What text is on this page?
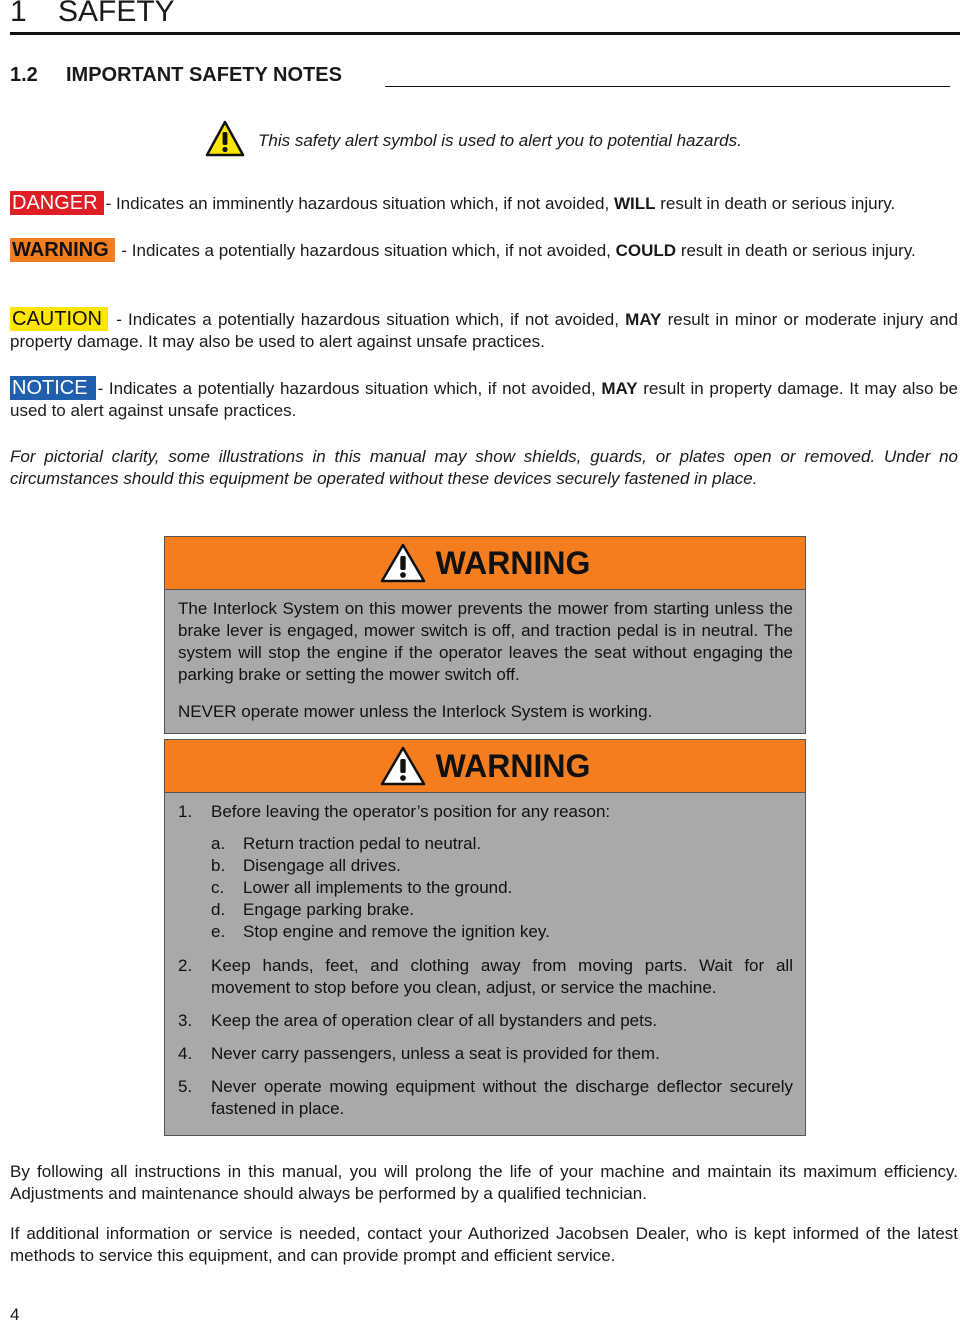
1 SAFETY
1.2 IMPORTANT SAFETY NOTES
This safety alert symbol is used to alert you to potential hazards.

DANGER - Indicates an imminently hazardous situation which, if not avoided, WILL result in death or serious injury.

WARNING - Indicates a potentially hazardous situation which, if not avoided, COULD result in death or serious injury.

CAUTION - Indicates a potentially hazardous situation which, if not avoided, MAY result in minor or moderate injury and property damage. It may also be used to alert against unsafe practices.

NOTICE - Indicates a potentially hazardous situation which, if not avoided, MAY result in property damage. It may also be used to alert against unsafe practices.

For pictorial clarity, some illustrations in this manual may show shields, guards, or plates open or removed. Under no circumstances should this equipment be operated without these devices securely fastened in place.

WARNING

The Interlock System on this mower prevents the mower from starting unless the brake lever is engaged, mower switch is off, and traction pedal is in neutral. The system will stop the engine if the operator leaves the seat without engaging the parking brake or setting the mower switch off.

NEVER operate mower unless the Interlock System is working.

WARNING
1.	Before leaving the operator’s position for any reason:
a.	Return traction pedal to neutral.
b.	Disengage all drives.
c.	Lower all implements to the ground.
d.	Engage parking brake.
e.	Stop engine and remove the ignition key.
2.	Keep hands, feet, and clothing away from moving parts. Wait for all movement to stop before you clean, adjust, or service the machine.
3.	Keep the area of operation clear of all bystanders and pets.
4.	Never carry passengers, unless a seat is provided for them.
5.	Never operate mowing equipment without the discharge deflector securely fastened in place.

By following all instructions in this manual, you will prolong the life of your machine and maintain its maximum efficiency. Adjustments and maintenance should always be performed by a qualified technician.

If additional information or service is needed, contact your Authorized Jacobsen Dealer, who is kept informed of the latest methods to service this equipment, and can provide prompt and efficient service.

4
